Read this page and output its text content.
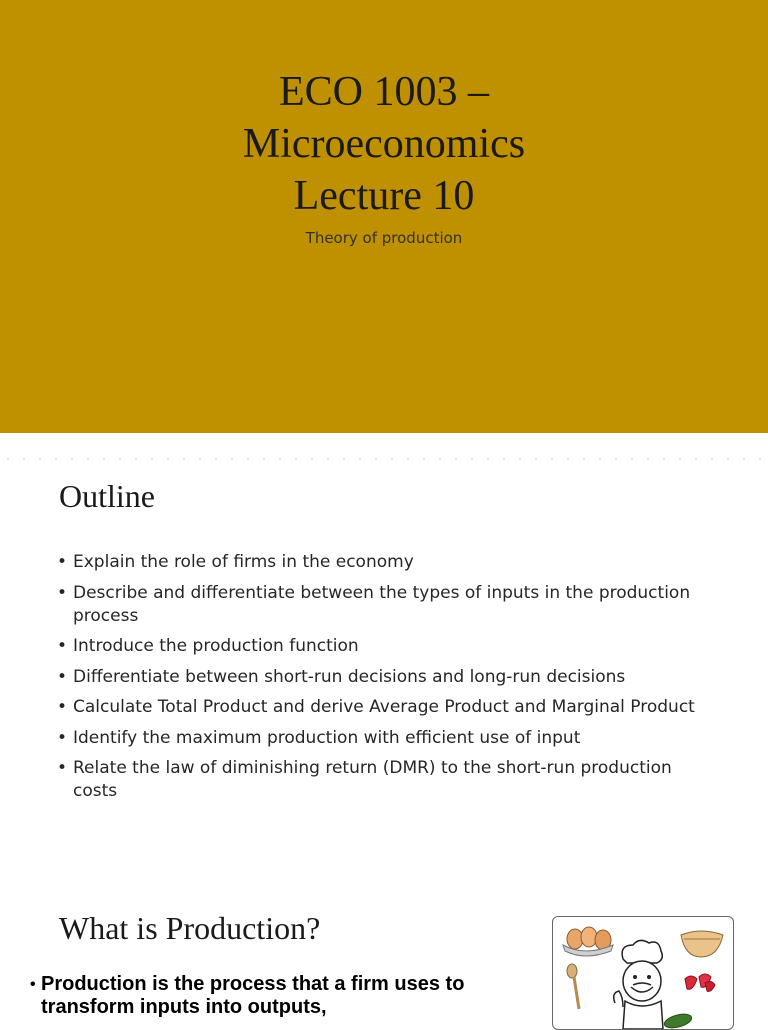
ECO 1003 –
Microeconomics
Lecture 10
Theory of production
Outline
• Explain the role of firms in the economy
• Describe and differentiate between the types of inputs in the production process
• Introduce the production function
• Differentiate between short-run decisions and long-run decisions
• Calculate Total Product and derive Average Product and Marginal Product
• Identify the maximum production with efficient use of input
• Relate the law of diminishing return (DMR) to the short-run production costs
What is Production?
• Production is the process that a firm uses to transform inputs into outputs,
